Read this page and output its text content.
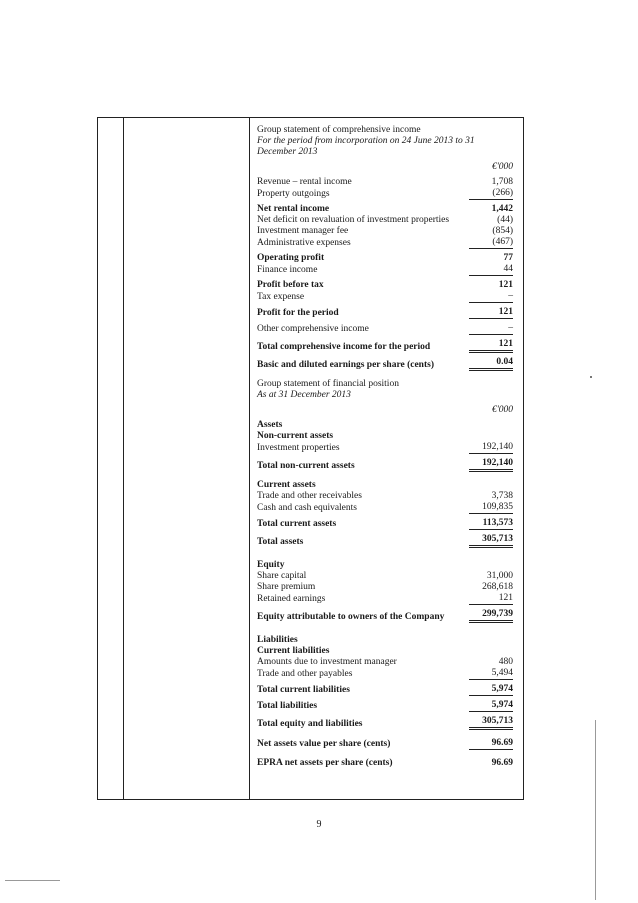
Group statement of comprehensive income
For the period from incorporation on 24 June 2013 to 31 December 2013
€'000
Revenue – rental income	1,708
Property outgoings	(266)
Net rental income	1,442
Net deficit on revaluation of investment properties	(44)
Investment manager fee	(854)
Administrative expenses	(467)
Operating profit	77
Finance income	44
Profit before tax	121
Tax expense	–
Profit for the period	121
Other comprehensive income	–
Total comprehensive income for the period	121
Basic and diluted earnings per share (cents)	0.04
Group statement of financial position
As at 31 December 2013
€'000
Assets
Non-current assets
Investment properties	192,140
Total non-current assets	192,140
Current assets
Trade and other receivables	3,738
Cash and cash equivalents	109,835
Total current assets	113,573
Total assets	305,713
Equity
Share capital	31,000
Share premium	268,618
Retained earnings	121
Equity attributable to owners of the Company	299,739
Liabilities
Current liabilities
Amounts due to investment manager	480
Trade and other payables	5,494
Total current liabilities	5,974
Total liabilities	5,974
Total equity and liabilities	305,713
Net assets value per share (cents)	96.69
EPRA net assets per share (cents)	96.69
9
